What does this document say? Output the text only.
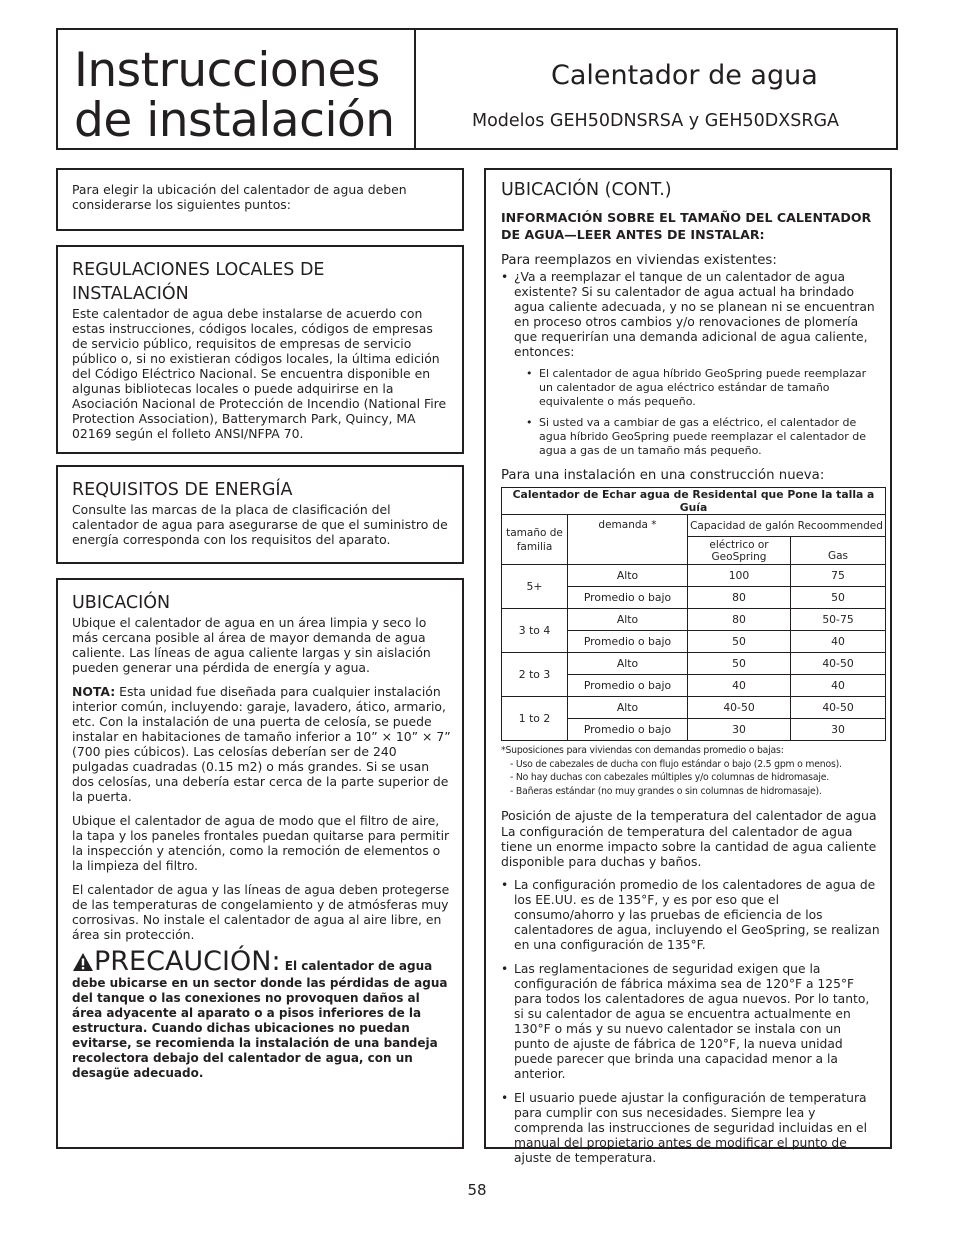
Instrucciones
de instalación
Calentador de agua
Modelos GEH50DNSRSA y GEH50DXSRGA

Para elegir la ubicación del calentador de agua deben considerarse los siguientes puntos:

REGULACIONES LOCALES DE
INSTALACIÓN

Este calentador de agua debe instalarse de acuerdo con estas instrucciones, códigos locales, códigos de empresas de servicio público, requisitos de empresas de servicio público o, si no existieran códigos locales, la última edición del Código Eléctrico Nacional. Se encuentra disponible en algunas bibliotecas locales o puede adquirirse en la Asociación Nacional de Protección de Incendio (National Fire Protection Association), Batterymarch Park, Quincy, MA 02169 según el folleto ANSI/NFPA 70.

REQUISITOS DE ENERGÍA

Consulte las marcas de la placa de clasificación del calentador de agua para asegurarse de que el suministro de energía corresponda con los requisitos del aparato.

UBICACIÓN

Ubique el calentador de agua en un área limpia y seco lo más cercana posible al área de mayor demanda de agua caliente. Las líneas de agua caliente largas y sin aislación pueden generar una pérdida de energía y agua.

NOTA: Esta unidad fue diseñada para cualquier instalación interior común, incluyendo: garaje, lavadero, ático, armario, etc. Con la instalación de una puerta de celosía, se puede instalar en habitaciones de tamaño inferior a 10” × 10” × 7” (700 pies cúbicos). Las celosías deberían ser de 240 pulgadas cuadradas (0.15 m2) o más grandes. Si se usan dos celosías, una debería estar cerca de la parte superior de la puerta.

Ubique el calentador de agua de modo que el filtro de aire, la tapa y los paneles frontales puedan quitarse para permitir la inspección y atención, como la remoción de elementos o la limpieza del filtro.

El calentador de agua y las líneas de agua deben protegerse de las temperaturas de congelamiento y de atmósferas muy corrosivas. No instale el calentador de agua al aire libre, en área sin protección.

PRECAUCIÓN: El calentador de agua debe ubicarse en un sector donde las pérdidas de agua del tanque o las conexiones no provoquen daños al área adyacente al aparato o a pisos inferiores de la estructura. Cuando dichas ubicaciones no puedan evitarse, se recomienda la instalación de una bandeja recolectora debajo del calentador de agua, con un desagüe adecuado.

UBICACIÓN (CONT.)

INFORMACIÓN SOBRE EL TAMAÑO DEL CALENTADOR
DE AGUA—LEER ANTES DE INSTALAR:

Para reemplazos en viviendas existentes:

• ¿Va a reemplazar el tanque de un calentador de agua existente? Si su calentador de agua actual ha brindado agua caliente adecuada, y no se planean ni se encuentran en proceso otros cambios y/o renovaciones de plomería que requerirían una demanda adicional de agua caliente, entonces:
• El calentador de agua híbrido GeoSpring puede reemplazar un calentador de agua eléctrico estándar de tamaño equivalente o más pequeño.
• Si usted va a cambiar de gas a eléctrico, el calentador de agua híbrido GeoSpring puede reemplazar el calentador de agua a gas de un tamaño más pequeño.

Para una instalación en una construcción nueva:

Calentador de Echar agua de Residental que Pone la talla a Guía			
tamaño de familia	demanda *	Capacidad de galón Recoommended	
		eléctrico or GeoSpring	Gas
5+	Alto	100	75
	Promedio o bajo	80	50
3 to 4	Alto	80	50-75
	Promedio o bajo	50	40
2 to 3	Alto	50	40-50
	Promedio o bajo	40	40
1 to 2	Alto	40-50	40-50
	Promedio o bajo	30	30
*Suposiciones para viviendas con demandas promedio o bajas:
- Uso de cabezales de ducha con flujo estándar o bajo (2.5 gpm o menos).
- No hay duchas con cabezales múltiples y/o columnas de hidromasaje.
- Bañeras estándar (no muy grandes o sin columnas de hidromasaje).

Posición de ajuste de la temperatura del calentador de agua

La configuración de temperatura del calentador de agua tiene un enorme impacto sobre la cantidad de agua caliente disponible para duchas y baños.

• La configuración promedio de los calentadores de agua de los EE.UU. es de 135°F, y es por eso que el consumo/ahorro y las pruebas de eficiencia de los calentadores de agua, incluyendo el GeoSpring, se realizan en una configuración de 135°F.
• Las reglamentaciones de seguridad exigen que la configuración de fábrica máxima sea de 120°F a 125°F para todos los calentadores de agua nuevos. Por lo tanto, si su calentador de agua se encuentra actualmente en 130°F o más y su nuevo calentador se instala con un punto de ajuste de fábrica de 120°F, la nueva unidad puede parecer que brinda una capacidad menor a la anterior.
• El usuario puede ajustar la configuración de temperatura para cumplir con sus necesidades. Siempre lea y comprenda las instrucciones de seguridad incluidas en el manual del propietario antes de modificar el punto de ajuste de temperatura.
58
